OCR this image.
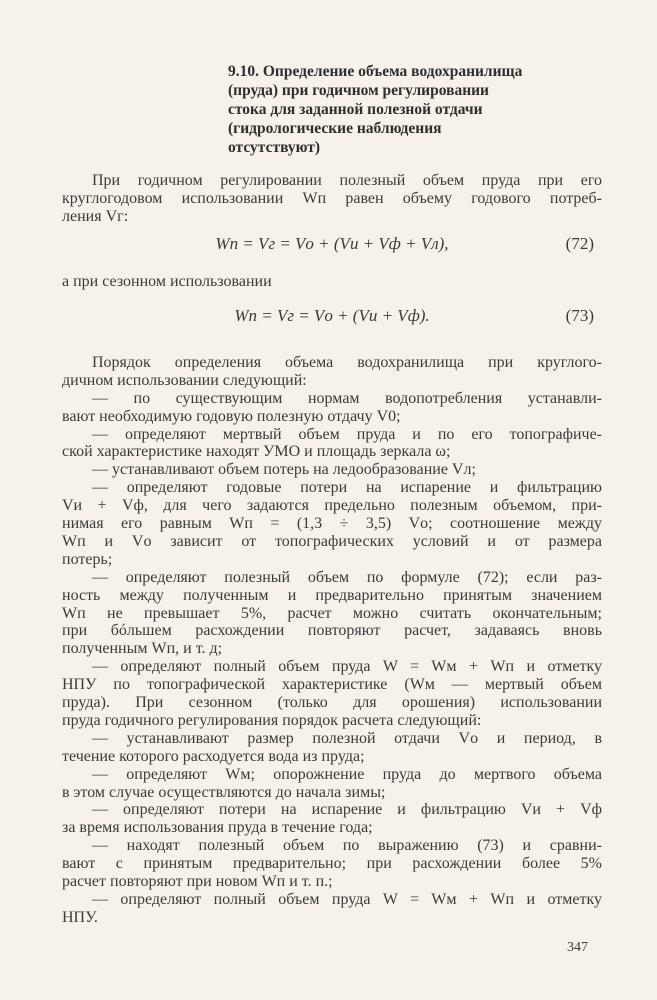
9.10. Определение объема водохранилища
(пруда) при годичном регулировании
стока для заданной полезной отдачи
(гидрологические наблюдения
отсутствуют)
При годичном регулировании полезный объем пруда при его
круглогодовом использовании Wп равен объему годового потреб-
ления Vг:
Wп = Vг = Vо + (Vи + Vф + Vл),	(72)
а при сезонном использовании
Wп = Vг = Vо + (Vи + Vф).	(73)
Порядок определения объема водохранилища при круглого-
дичном использовании следующий:
— по существующим нормам водопотребления устанавли-
вают необходимую годовую полезную отдачу V0;
— определяют мертвый объем пруда и по его топографиче-
ской характеристике находят УМО и площадь зеркала ω;
— устанавливают объем потерь на ледообразование Vл;
— определяют годовые потери на испарение и фильтрацию
Vи + Vф, для чего задаются предельно полезным объемом, при-
нимая его равным Wп = (1,3 ÷ 3,5) Vо; соотношение между
Wп и Vо зависит от топографических условий и от размера
потерь;
— определяют полезный объем по формуле (72); если раз-
ность между полученным и предварительно принятым значением
Wп не превышает 5%, расчет можно считать окончательным;
при бóльшем расхождении повторяют расчет, задаваясь вновь
полученным Wп, и т. д;
— определяют полный объем пруда W = Wм + Wп и отметку
НПУ по топографической характеристике (Wм — мертвый объем
пруда). При сезонном (только для орошения) использовании
пруда годичного регулирования порядок расчета следующий:
— устанавливают размер полезной отдачи Vо и период, в
течение которого расходуется вода из пруда;
— определяют Wм; опорожнение пруда до мертвого объема
в этом случае осуществляются до начала зимы;
— определяют потери на испарение и фильтрацию Vи + Vф
за время использования пруда в течение года;
— находят полезный объем по выражению (73) и сравни-
вают с принятым предварительно; при расхождении более 5%
расчет повторяют при новом Wп и т. п.;
— определяют полный объем пруда W = Wм + Wп и отметку
НПУ.
347
